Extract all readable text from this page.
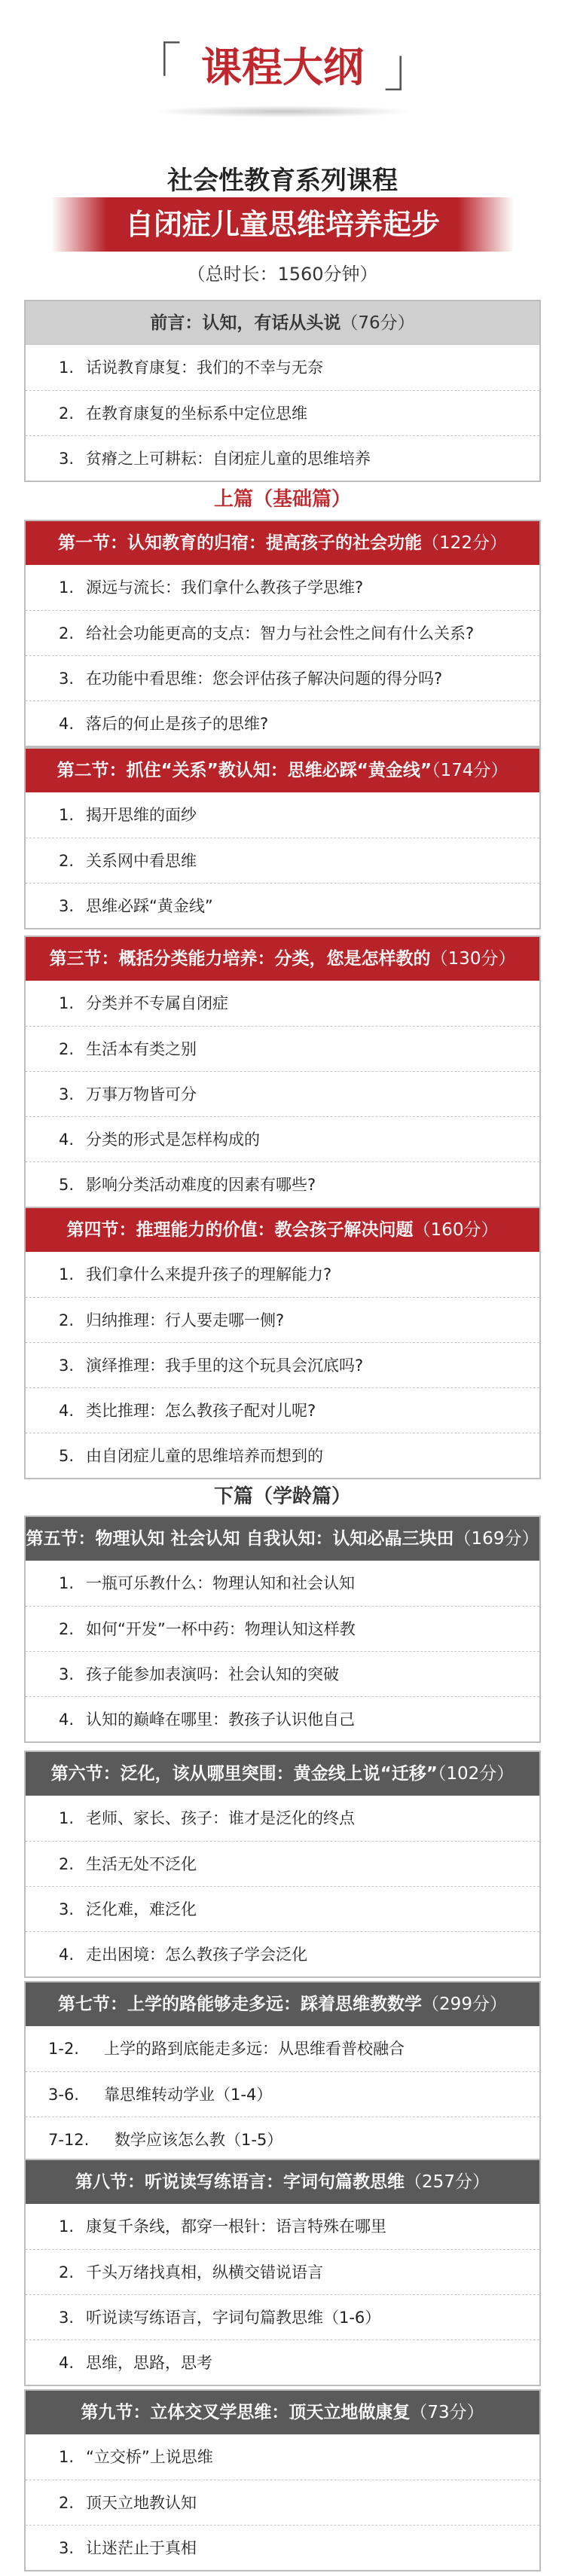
「 课程大纲 」
社会性教育系列课程
自闭症儿童思维培养起步
（总时长：1560分钟）
前言：认知，有话从头说（76分）
1. 话说教育康复：我们的不幸与无奈
2. 在教育康复的坐标系中定位思维
3. 贫瘠之上可耕耘：自闭症儿童的思维培养
上篇（基础篇）
第一节：认知教育的归宿：提高孩子的社会功能（122分）
1. 源远与流长：我们拿什么教孩子学思维?
2. 给社会功能更高的支点：智力与社会性之间有什么关系?
3. 在功能中看思维：您会评估孩子解决问题的得分吗?
4. 落后的何止是孩子的思维?
第二节：抓住“关系”教认知：思维必踩“黄金线”（174分）
1. 揭开思维的面纱
2. 关系网中看思维
3. 思维必踩“黄金线”
第三节：概括分类能力培养：分类，您是怎样教的（130分）
1. 分类并不专属自闭症
2. 生活本有类之别
3. 万事万物皆可分
4. 分类的形式是怎样构成的
5. 影响分类活动难度的因素有哪些?
第四节：推理能力的价值：教会孩子解决问题（160分）
1. 我们拿什么来提升孩子的理解能力?
2. 归纳推理：行人要走哪一侧?
3. 演绎推理：我手里的这个玩具会沉底吗?
4. 类比推理：怎么教孩子配对儿呢?
5. 由自闭症儿童的思维培养而想到的
下篇（学龄篇）
第五节：物理认知 社会认知 自我认知：认知必晶三块田（169分）
1. 一瓶可乐教什么：物理认知和社会认知
2. 如何“开发”一杯中药：物理认知这样教
3. 孩子能参加表演吗：社会认知的突破
4. 认知的巅峰在哪里：教孩子认识他自己
第六节：泛化，该从哪里突围：黄金线上说“迁移”（102分）
1. 老师、家长、孩子：谁才是泛化的终点
2. 生活无处不泛化
3. 泛化难，难泛化
4. 走出困境：怎么教孩子学会泛化
第七节：上学的路能够走多远：踩着思维教数学（299分）
1-2. 上学的路到底能走多远：从思维看普校融合
3-6. 靠思维转动学业（1-4）
7-12. 数学应该怎么教（1-5）
第八节：听说读写练语言：字词句篇教思维（257分）
1. 康复千条线，都穿一根针：语言特殊在哪里
2. 千头万绪找真相，纵横交错说语言
3. 听说读写练语言，字词句篇教思维（1-6）
4. 思维，思路，思考
第九节：立体交叉学思维：顶天立地做康复（73分）
1. “立交桥”上说思维
2. 顶天立地教认知
3. 让迷茫止于真相
